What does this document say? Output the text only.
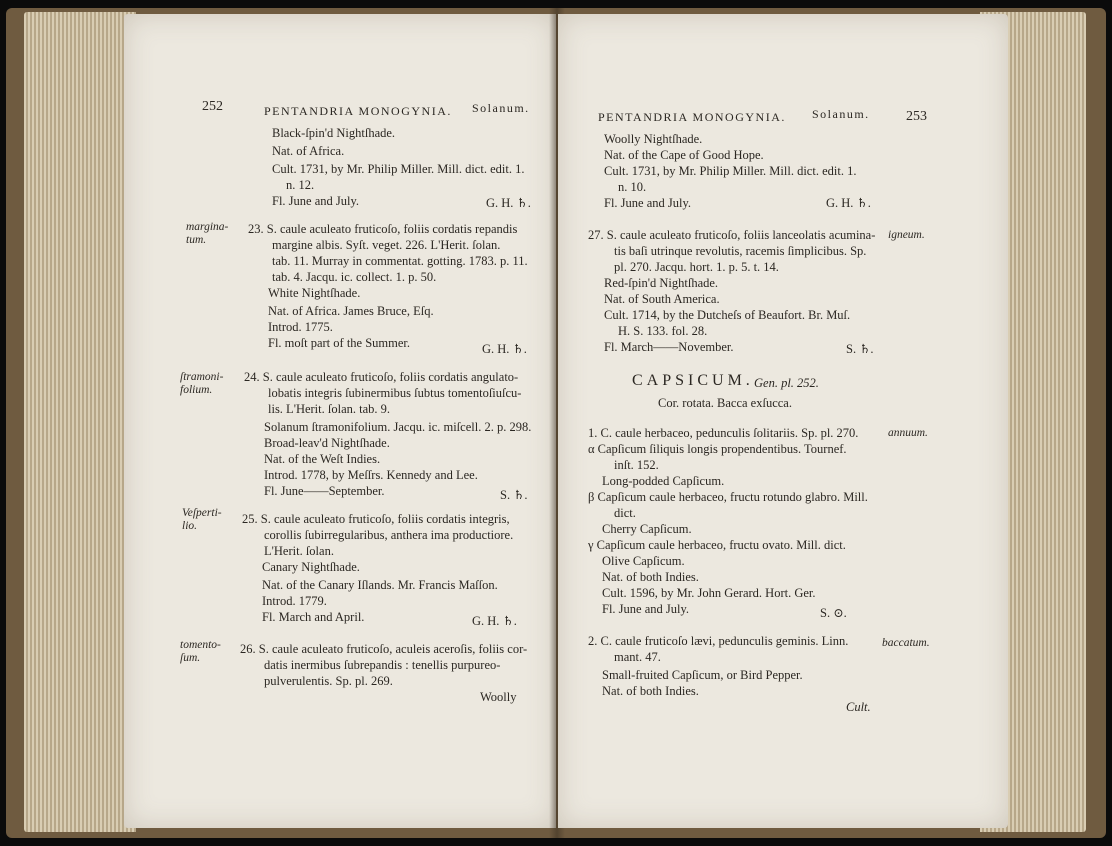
252	PENTANDRIA MONOGYNIA. Solanum.
Black-ſpin'd Nightſhade.
Nat. of Africa.
Cult. 1731, by Mr. Philip Miller. Mill. dict. edit. 1.
n. 12.
Fl. June and July.	G. H. ♄.
margina-
tum.
23. S. caule aculeato fruticoſo, foliis cordatis repandis
margine albis. Syſt. veget. 226. L'Herit. ſolan.
tab. 11. Murray in commentat. gotting. 1783. p. 11.
tab. 4. Jacqu. ic. collect. 1. p. 50.
White Nightſhade.
Nat. of Africa. James Bruce, Eſq.
Introd. 1775.
Fl. moſt part of the Summer.	G. H. ♄.
ſtramoni-
folium.
24. S. caule aculeato fruticoſo, foliis cordatis angulato-
lobatis integris ſubinermibus ſubtus tomentoſiuſcu-
lis. L'Herit. ſolan. tab. 9.
Solanum ſtramonifolium. Jacqu. ic. miſcell. 2. p. 298.
Broad-leav'd Nightſhade.
Nat. of the Weſt Indies.
Introd. 1778, by Meſſrs. Kennedy and Lee.
Fl. June——September.	S. ♄.
Veſperti-
lio.	25. S. caule aculeato fruticoſo, foliis cordatis integris,
corollis ſubirregularibus, anthera ima productiore.
L'Herit. ſolan.
Canary Nightſhade.
Nat. of the Canary Iſlands. Mr. Francis Maſſon.
Introd. 1779.
Fl. March and April.	G. H. ♄.
tomento-
ſum.
26. S. caule aculeato fruticoſo, aculeis aceroſis, foliis cor-
datis inermibus ſubrepandis : tenellis purpureo-
pulverulentis. Sp. pl. 269.
Woolly
PENTANDRIA MONOGYNIA. Solanum.	253
Woolly Nightſhade.
Nat. of the Cape of Good Hope.
Cult. 1731, by Mr. Philip Miller. Mill. dict. edit. 1.
n. 10.
Fl. June and July.	G. H. ♄.
27. S. caule aculeato fruticoſo, foliis lanceolatis acumina- igneum.
tis baſi utrinque revolutis, racemis ſimplicibus. Sp.
pl. 270. Jacqu. hort. 1. p. 5. t. 14.
Red-ſpin'd Nightſhade.
Nat. of South America.
Cult. 1714, by the Dutcheſs of Beaufort. Br. Muſ.
H. S. 133. fol. 28.
Fl. March——November.	S. ♄.
CAPSICUM. Gen. pl. 252.
Cor. rotata. Bacca exſucca.
1. C. caule herbaceo, pedunculis ſolitariis. Sp. pl. 270.	annuum.
α Capſicum ſiliquis longis propendentibus. Tournef.
inſt. 152.
Long-podded Capſicum.
β Capſicum caule herbaceo, fructu rotundo glabro. Mill.
dict.
Cherry Capſicum.
γ Capſicum caule herbaceo, fructu ovato. Mill. dict.
Olive Capſicum.
Nat. of both Indies.
Cult. 1596, by Mr. John Gerard. Hort. Ger.
Fl. June and July.	S. ⊙.
2. C. caule fruticoſo lævi, pedunculis geminis. Linn.	baccatum.
mant. 47.
Small-fruited Capſicum, or Bird Pepper.
Nat. of both Indies.
Cult.
